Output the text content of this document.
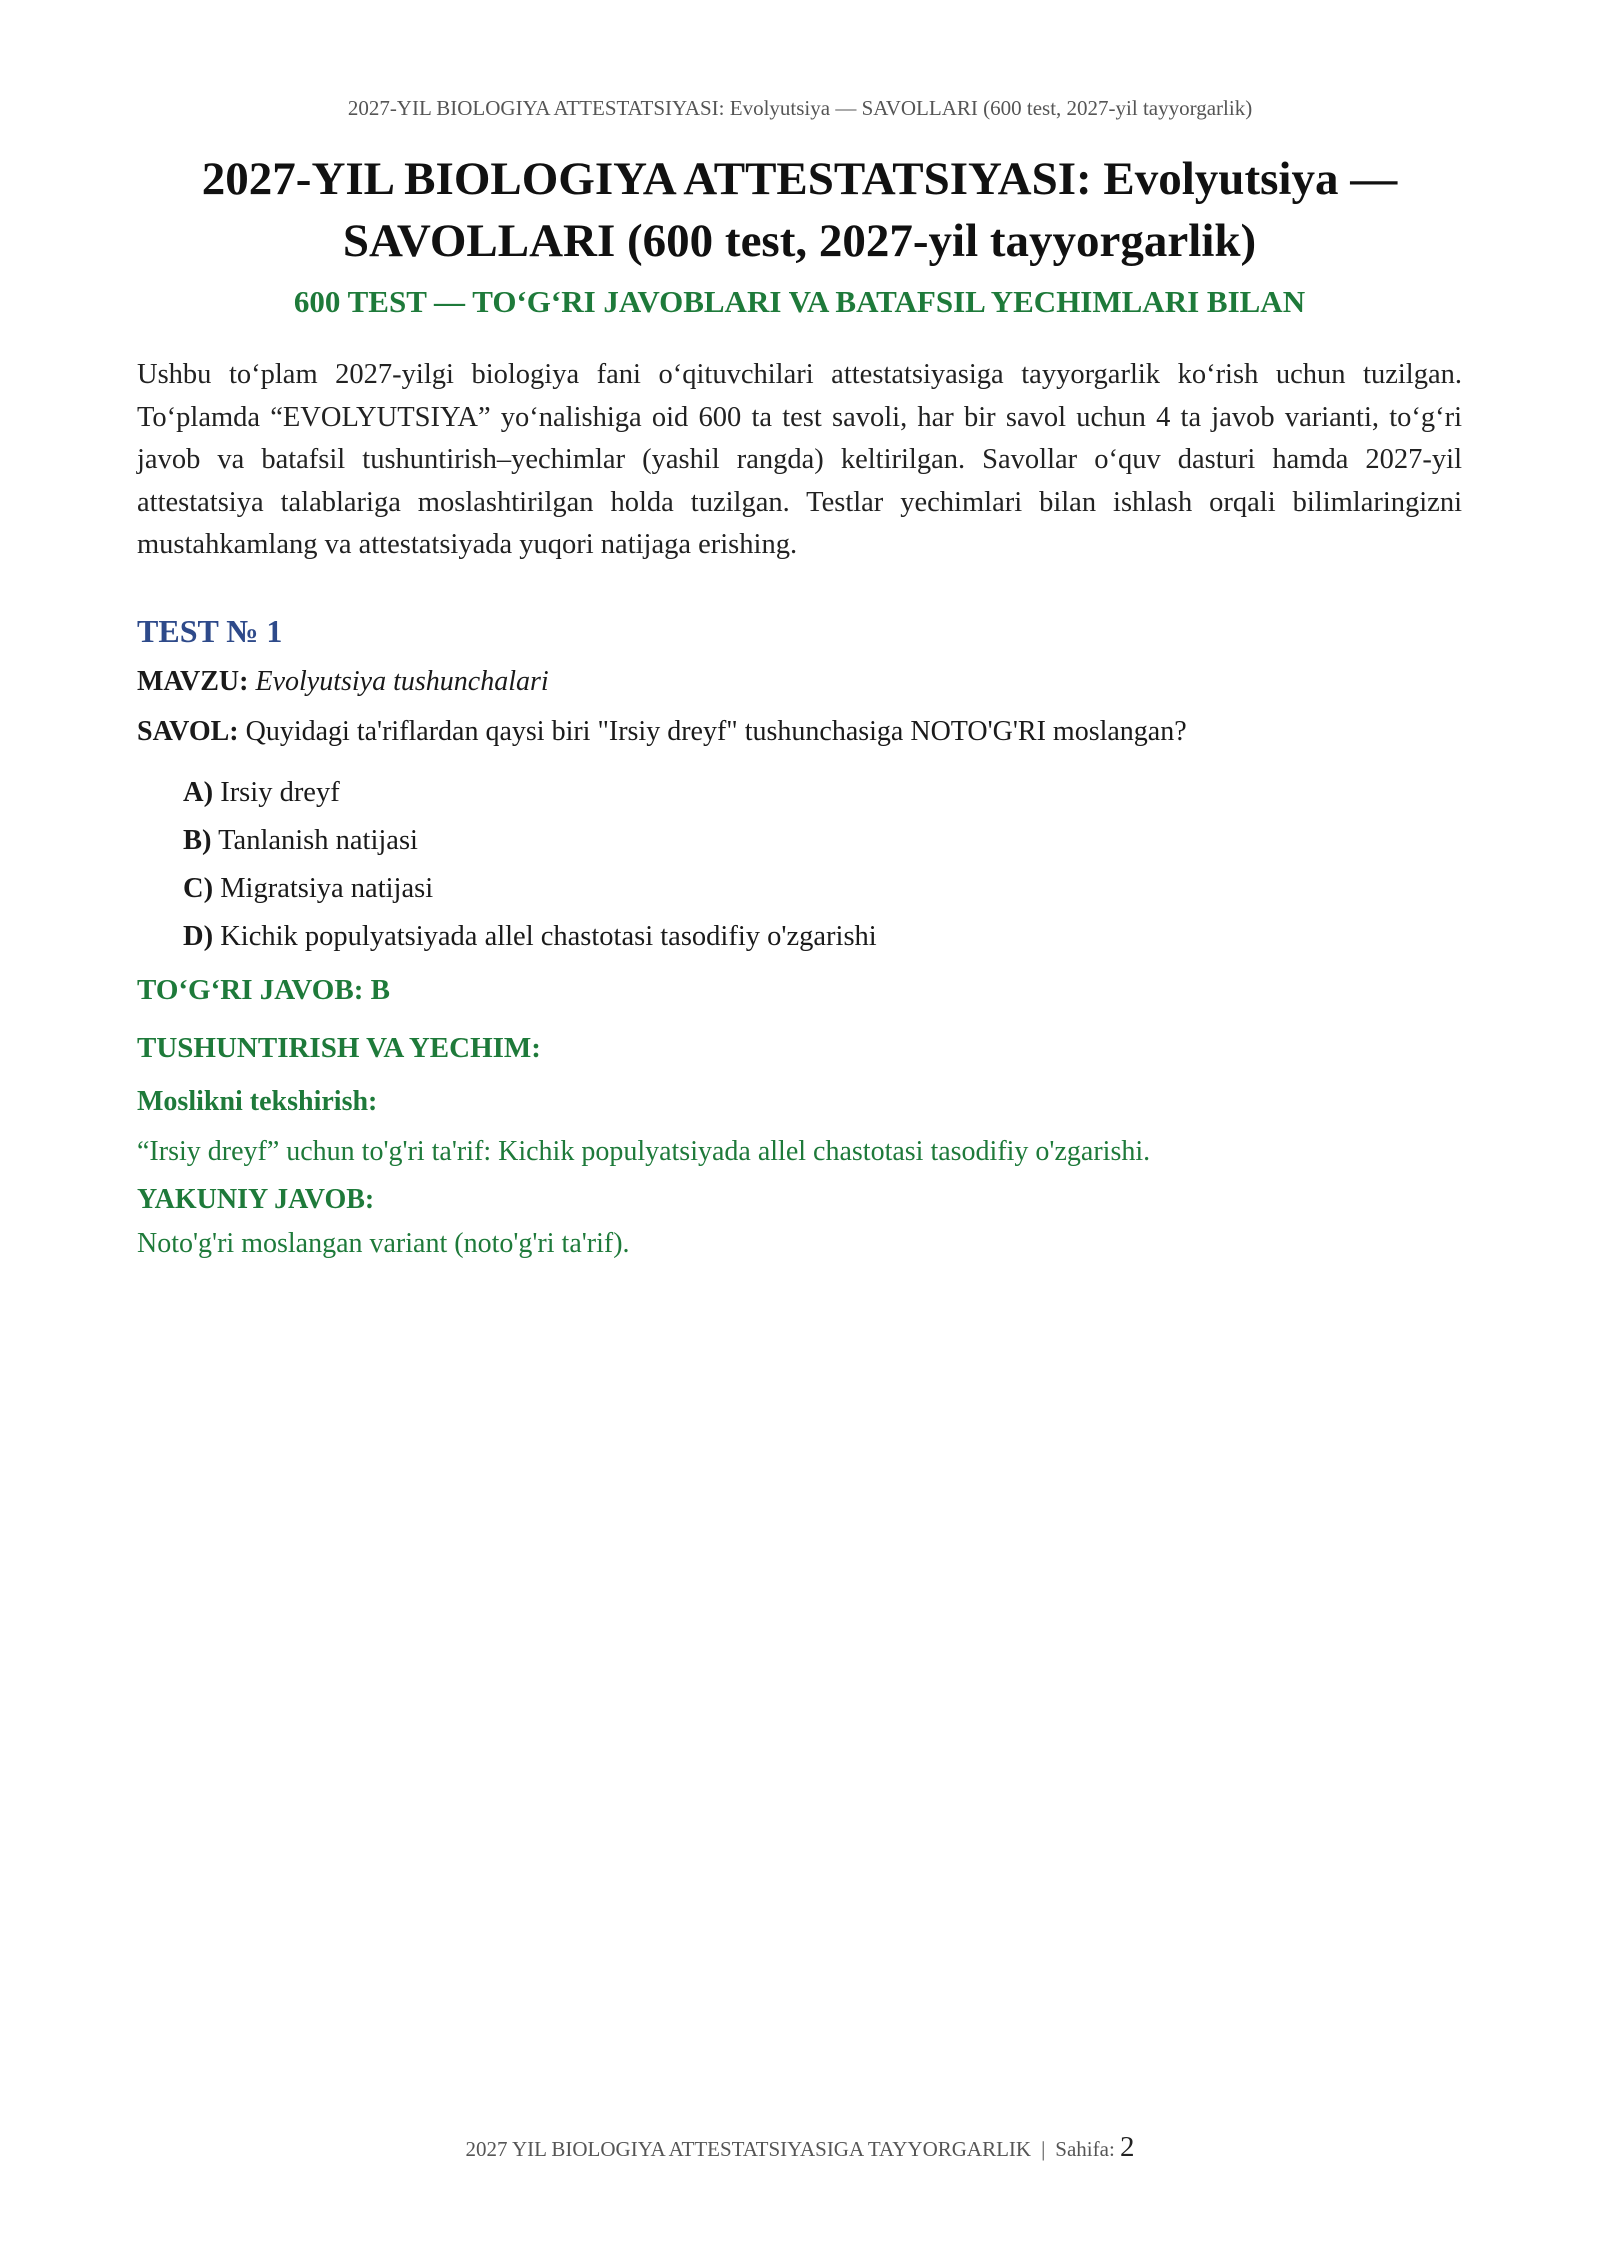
2027-YIL BIOLOGIYA ATTESTATSIYASI: Evolyutsiya — SAVOLLARI (600 test, 2027-yil tayyorgarlik)
2027-YIL BIOLOGIYA ATTESTATSIYASI: Evolyutsiya — SAVOLLARI (600 test, 2027-yil tayyorgarlik)
600 TEST — TO‘G‘RI JAVOBLARI VA BATAFSIL YECHIMLARI BILAN

Ushbu to‘plam 2027-yilgi biologiya fani o‘qituvchilari attestatsiyasiga tayyorgarlik ko‘rish uchun tuzilgan. To‘plamda “EVOLYUTSIYA” yo‘nalishiga oid 600 ta test savoli, har bir savol uchun 4 ta javob varianti, to‘g‘ri javob va batafsil tushuntirish–yechimlar (yashil rangda) keltirilgan. Savollar o‘quv dasturi hamda 2027-yil attestatsiya talablariga moslashtirilgan holda tuzilgan. Testlar yechimlari bilan ishlash orqali bilimlaringizni mustahkamlang va attestatsiyada yuqori natijaga erishing.

TEST № 1
MAVZU: Evolyutsiya tushunchalari
SAVOL: Quyidagi ta'riflardan qaysi biri "Irsiy dreyf" tushunchasiga NOTO'G'RI moslangan?
A) Irsiy dreyf
B) Tanlanish natijasi
C) Migratsiya natijasi
D) Kichik populyatsiyada allel chastotasi tasodifiy o'zgarishi
TO‘G‘RI JAVOB: B
TUSHUNTIRISH VA YECHIM:
Moslikni tekshirish:
“Irsiy dreyf” uchun to'g'ri ta'rif: Kichik populyatsiyada allel chastotasi tasodifiy o'zgarishi.
YAKUNIY JAVOB:
Noto'g'ri moslangan variant (noto'g'ri ta'rif).
2027 YIL BIOLOGIYA ATTESTATSIYASIGA TAYYORGARLIK | Sahifa: 2
